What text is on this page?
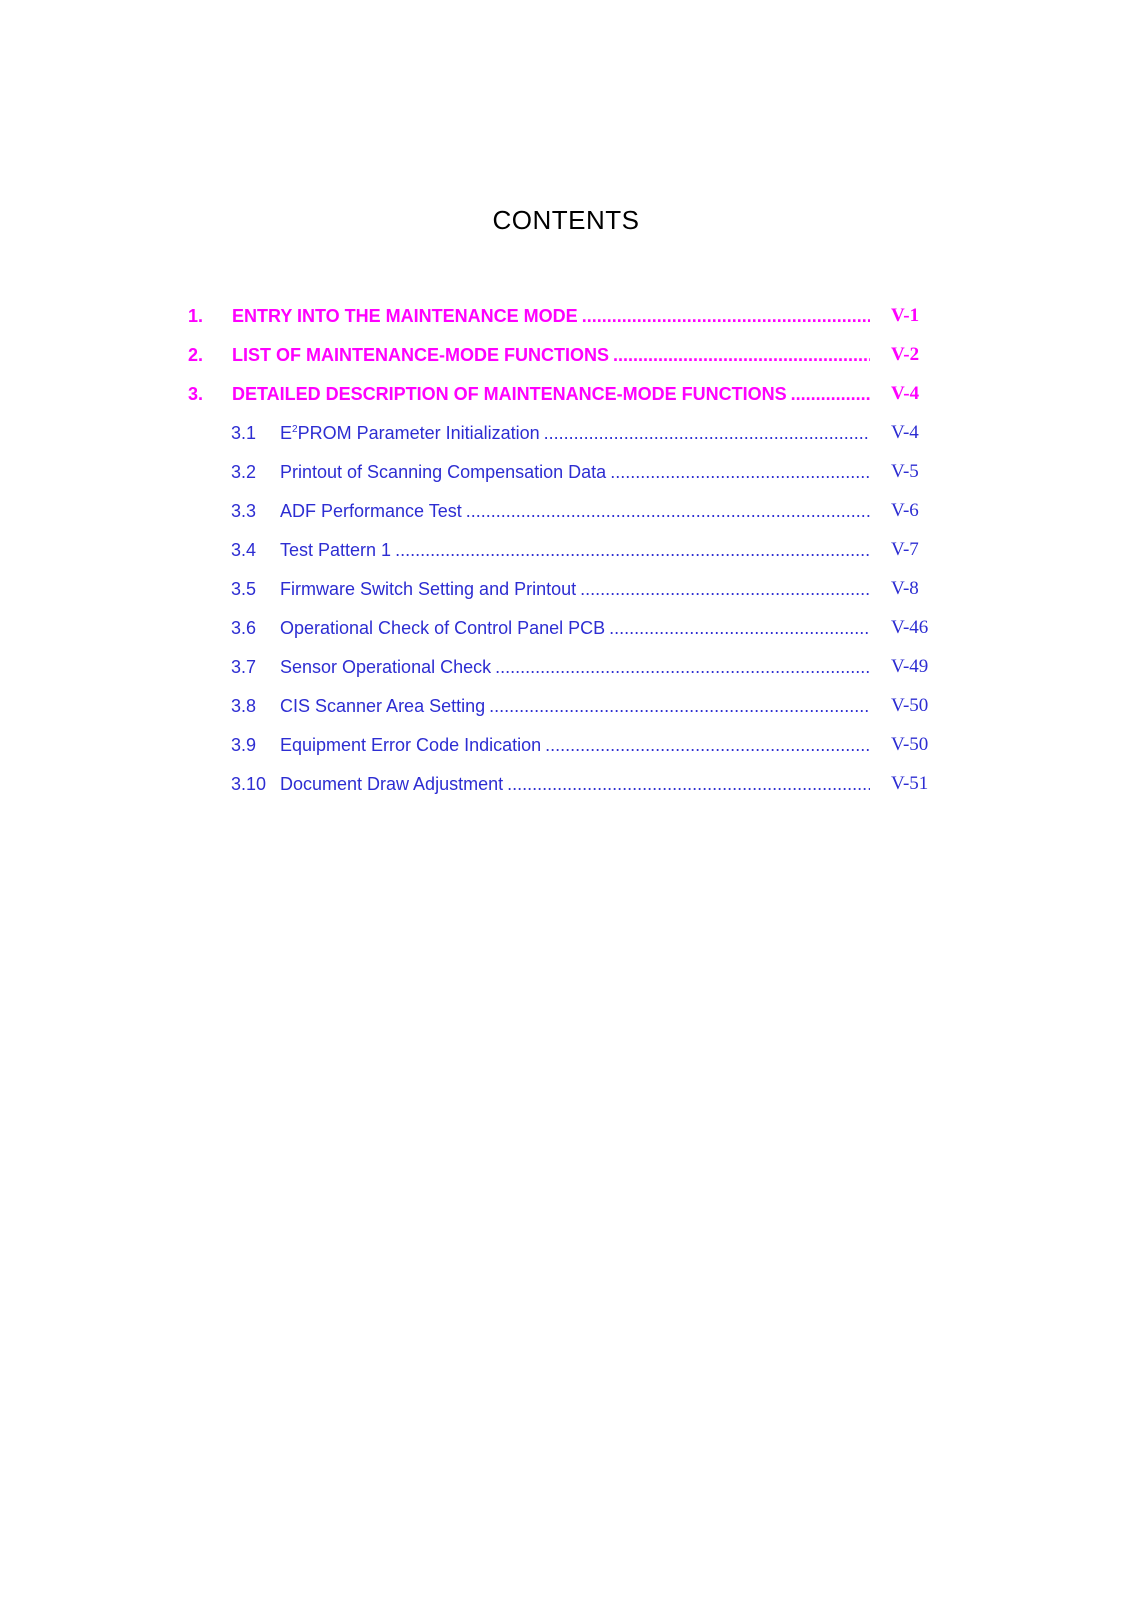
CONTENTS
1. ENTRY INTO THE MAINTENANCE MODE .....	V-1
2. LIST OF MAINTENANCE-MODE FUNCTIONS .....	V-2
3. DETAILED DESCRIPTION OF MAINTENANCE-MODE FUNCTIONS .....	V-4
3.1 $E^2PROM$ Parameter Initialization .....	V-4
3.2 Printout of Scanning Compensation Data .....	V-5
3.3 ADF Performance Test .....	V-6
3.4 Test Pattern 1 .....	V-7
3.5 Firmware Switch Setting and Printout .....	V-8
3.6 Operational Check of Control Panel PCB .....	V-46
3.7 Sensor Operational Check .....	V-49
3.8 CIS Scanner Area Setting .....	V-50
3.9 Equipment Error Code Indication .....	V-50
3.10 Document Draw Adjustment .....	V-51
